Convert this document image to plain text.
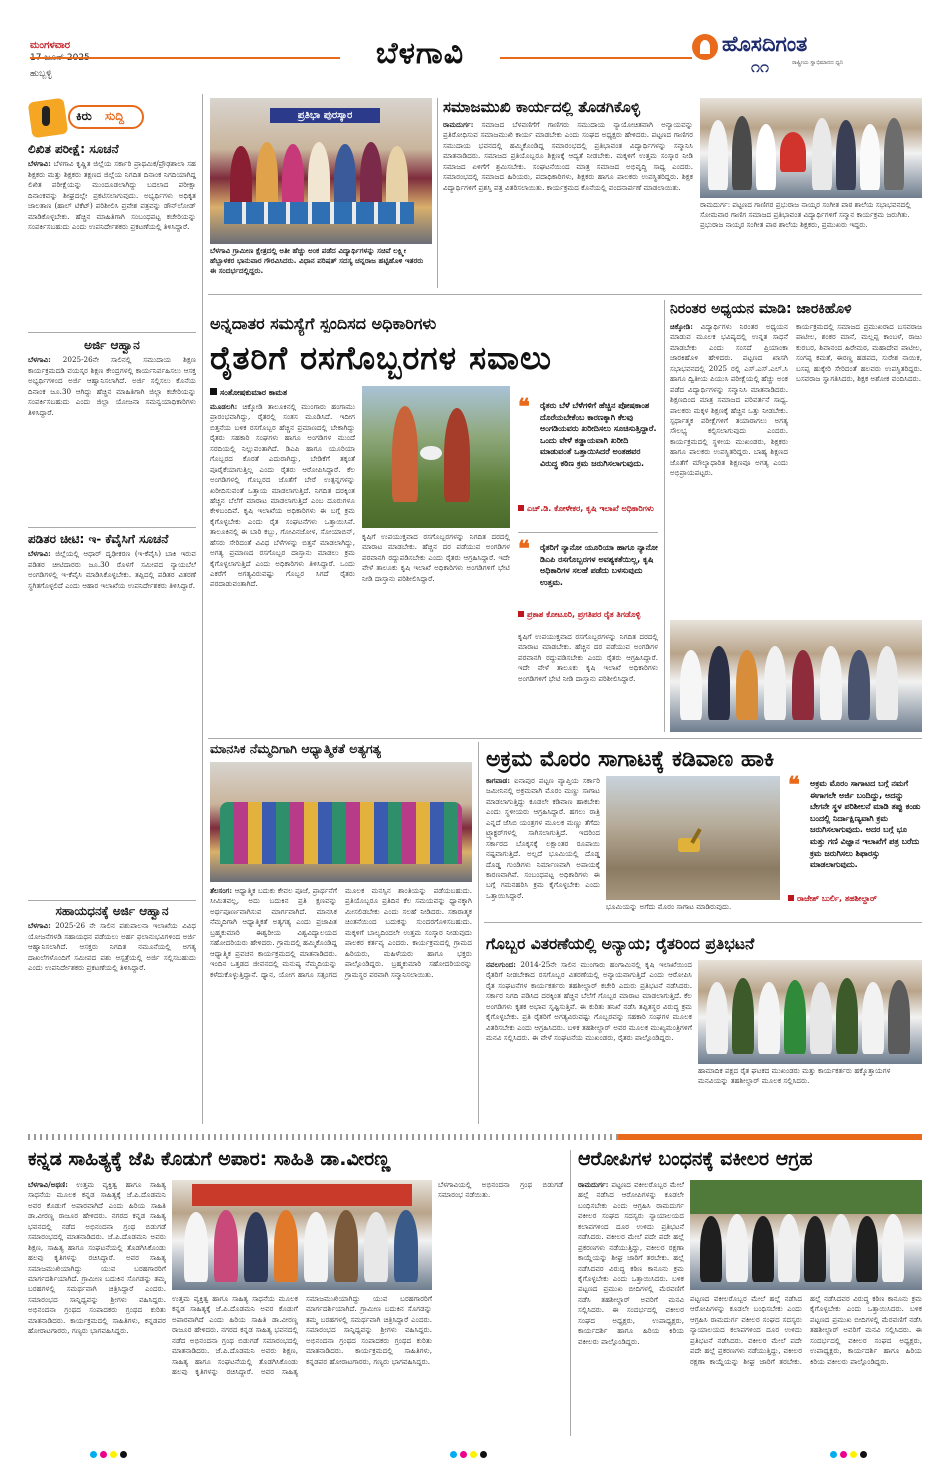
ಮಂಗಳವಾರ
ಹುಬ್ಬಳ್ಳಿ
ಬೆಳಗಾವಿ	ಹೊಸದಿಗಂತ
ರಾಷ್ಟ್ರೀಯ ಸ್ವಾಭಿಮಾನದ ಧ್ವನಿ
೧೧
ಕಿರು ಸುದ್ದಿ
ಲಿಖಿತ ಪರೀಕ್ಷೆ: ಸೂಚನೆ
ಬೆಳಗಾವಿ: ಬೆಳಗಾವಿ ಕೃಷ್ಣಿತ ಜಿಲ್ಲೆಯ ಸರ್ಕಾರಿ ಪ್ರಾಥಮಿಕ/ಪ್ರೌಢಶಾಲಾ ಸಹ ಶಿಕ್ಷಕರು ಮತ್ತು ಶಿಕ್ಷಕರು ತಕ್ಷಣದ ಜಿಲ್ಲೆಯ ನಿಗದಿತ ದಿನಾಂಕ ನಿಗದಿಯಾಗಿದ್ದ ಲಿಖಿತ ಪರೀಕ್ಷೆಯನ್ನು ಮುಂದೂಡಲಾಗಿದ್ದು ಬದಲಾದ ಪರೀಕ್ಷಾ ದಿನಾಂಕವನ್ನು ಶೀಘ್ರದಲ್ಲೇ ಪ್ರಕಟಿಸಲಾಗುವುದು. ಅಭ್ಯರ್ಥಿಗಳು ಅಧಿಕೃತ ಜಾಲತಾಣ (ಹಾಲ್ ಟಿಕೆಟ್) ಪರಿಶೀಲಿಸಿ ಪ್ರವೇಶ ಪತ್ರವನ್ನು ಡೌನ್‌ಲೋಡ್ ಮಾಡಿಕೊಳ್ಳಬೇಕು. ಹೆಚ್ಚಿನ ಮಾಹಿತಿಗಾಗಿ ಸಂಬಂಧಪಟ್ಟ ಕಚೇರಿಯನ್ನು ಸಂಪರ್ಕಿಸಬಹುದು ಎಂದು ಉಪನಿರ್ದೇಶಕರು ಪ್ರಕಟಣೆಯಲ್ಲಿ ತಿಳಿಸಿದ್ದಾರೆ.
ಅರ್ಜಿ ಆಹ್ವಾನ
ಬೆಳಗಾವಿ: 2025-26ನೇ ಸಾಲಿನಲ್ಲಿ ಸಮುದಾಯ ಶಿಕ್ಷಣ ಕಾರ್ಯಕ್ರಮದಡಿ ವಯಸ್ಕರ ಶಿಕ್ಷಣ ಕೇಂದ್ರಗಳಲ್ಲಿ ಕಾರ್ಯನಿರ್ವಹಿಸಲು ಆಸಕ್ತ ಅಭ್ಯರ್ಥಿಗಳಿಂದ ಅರ್ಜಿ ಆಹ್ವಾನಿಸಲಾಗಿದೆ. ಅರ್ಜಿ ಸಲ್ಲಿಸಲು ಕೊನೆಯ ದಿನಾಂಕ ಜೂ.30 ಆಗಿದ್ದು ಹೆಚ್ಚಿನ ಮಾಹಿತಿಗಾಗಿ ಜಿಲ್ಲಾ ಕಚೇರಿಯನ್ನು ಸಂಪರ್ಕಿಸಬಹುದು ಎಂದು ಜಿಲ್ಲಾ ಯೋಜನಾ ಸಮನ್ವಯಾಧಿಕಾರಿಗಳು ತಿಳಿಸಿದ್ದಾರೆ.
ಪಡಿತರ ಚೀಟಿ: ಇ- ಕೆವೈಸಿಗೆ ಸೂಚನೆ
ಬೆಳಗಾವಿ: ಜಿಲ್ಲೆಯಲ್ಲಿ ಆಧಾರ್ ದೃಢೀಕರಣ (ಇ-ಕೆವೈಸಿ) ಬಾಕಿ ಇರುವ ಪಡಿತರ ಚೀಟಿದಾರರು ಜೂ.30 ರೊಳಗೆ ಸಮೀಪದ ನ್ಯಾಯಬೆಲೆ ಅಂಗಡಿಗಳಲ್ಲಿ ಇ-ಕೆವೈಸಿ ಮಾಡಿಸಿಕೊಳ್ಳಬೇಕು. ತಪ್ಪಿದಲ್ಲಿ ಪಡಿತರ ವಿತರಣೆ ಸ್ಥಗಿತಗೊಳ್ಳಲಿದೆ ಎಂದು ಆಹಾರ ಇಲಾಖೆಯ ಉಪನಿರ್ದೇಶಕರು ತಿಳಿಸಿದ್ದಾರೆ.
ಸಹಾಯಧನಕ್ಕೆ ಅರ್ಜಿ ಆಹ್ವಾನ
ಬೆಳಗಾವಿ: 2025-26 ನೇ ಸಾಲಿನ ಪಶುಪಾಲನಾ ಇಲಾಖೆಯ ವಿವಿಧ ಯೋಜನೆಗಳಡಿ ಸಹಾಯಧನ ಪಡೆಯಲು ಅರ್ಹ ಫಲಾನುಭವಿಗಳಿಂದ ಅರ್ಜಿ ಆಹ್ವಾನಿಸಲಾಗಿದೆ. ಆಸಕ್ತರು ನಿಗದಿತ ನಮೂನೆಯಲ್ಲಿ ಅಗತ್ಯ ದಾಖಲೆಗಳೊಂದಿಗೆ ಸಮೀಪದ ಪಶು ಆಸ್ಪತ್ರೆಯಲ್ಲಿ ಅರ್ಜಿ ಸಲ್ಲಿಸಬಹುದು ಎಂದು ಉಪನಿರ್ದೇಶಕರು ಪ್ರಕಟಣೆಯಲ್ಲಿ ತಿಳಿಸಿದ್ದಾರೆ.
ಪ್ರತಿಭಾ ಪುರಸ್ಕಾರ
ಬೆಳಗಾವಿ ಗ್ರಾಮೀಣ ಕ್ಷೇತ್ರದಲ್ಲಿ ಅತೀ ಹೆಚ್ಚು ಅಂಕ ಪಡೆದ ವಿದ್ಯಾರ್ಥಿಗಳನ್ನು ಸಚಿವೆ ಲಕ್ಷ್ಮೀ ಹೆಬ್ಬಾಳಕರ ಭಾನುವಾರ ಗೌರವಿಸಿದರು. ವಿಧಾನ ಪರಿಷತ್ ಸದಸ್ಯ ಚನ್ನರಾಜ ಹಟ್ಟಿಹೊಳಿ ಇತರರು ಈ ಸಂದರ್ಭದಲ್ಲಿದ್ದರು.
ಸಮಾಜಮುಖಿ ಕಾರ್ಯದಲ್ಲಿ ತೊಡಗಿಕೊಳ್ಳಿ
ರಾಮದುರ್ಗ: ಸಮಾಜದ ಬೆಳವಣಿಗೆಗೆ ಗಾಣಿಗರು ಸಮುದಾಯ ನ್ಯಾಯೋಚಿತವಾಗಿ ಅನ್ಯಾಯವನ್ನು ಪ್ರತಿರೋಧಿಸುವ ಸಮಾಜಮುಖಿ ಕಾರ್ಯ ಮಾಡಬೇಕು ಎಂದು ಸಂಘದ ಅಧ್ಯಕ್ಷರು ಹೇಳಿದರು. ಪಟ್ಟಣದ ಗಾಣಿಗರ ಸಮುದಾಯ ಭವನದಲ್ಲಿ ಹಮ್ಮಿಕೊಂಡಿದ್ದ ಸಮಾರಂಭದಲ್ಲಿ ಪ್ರತಿಭಾವಂತ ವಿದ್ಯಾರ್ಥಿಗಳನ್ನು ಸನ್ಮಾನಿಸಿ ಮಾತನಾಡಿದರು. ಸಮಾಜದ ಪ್ರತಿಯೊಬ್ಬರೂ ಶಿಕ್ಷಣಕ್ಕೆ ಆದ್ಯತೆ ನೀಡಬೇಕು. ಮಕ್ಕಳಿಗೆ ಉತ್ತಮ ಸಂಸ್ಕಾರ ನೀಡಿ ಸಮಾಜದ ಏಳಿಗೆಗೆ ಶ್ರಮಿಸಬೇಕು. ಸಂಘಟನೆಯಿಂದ ಮಾತ್ರ ಸಮಾಜದ ಅಭಿವೃದ್ಧಿ ಸಾಧ್ಯ ಎಂದರು. ಸಮಾರಂಭದಲ್ಲಿ ಸಮಾಜದ ಹಿರಿಯರು, ಪದಾಧಿಕಾರಿಗಳು, ಶಿಕ್ಷಕರು ಹಾಗೂ ಪಾಲಕರು ಉಪಸ್ಥಿತರಿದ್ದರು. ಶಿಕ್ಷಕ ವಿದ್ಯಾರ್ಥಿಗಳಿಗೆ ಪ್ರಶಸ್ತಿ ಪತ್ರ ವಿತರಿಸಲಾಯಿತು. ಕಾರ್ಯಕ್ರಮದ ಕೊನೆಯಲ್ಲಿ ವಂದನಾರ್ಪಣೆ ಮಾಡಲಾಯಿತು.
ರಾಮದುರ್ಗ: ಪಟ್ಟಣದ ಗಾಣಿಗರ ಪ್ರಭುರಾಜ ನಾಯ್ಕರ ಸಂಗೀತ ಪಾಠ ಶಾಲೆಯ ಸಭಾಭವನದಲ್ಲಿ ಸೋಮವಾರ ಗಾಣಿಗ ಸಮಾಜದ ಪ್ರತಿಭಾವಂತ ವಿದ್ಯಾರ್ಥಿಗಳಿಗೆ ಸನ್ಮಾನ ಕಾರ್ಯಕ್ರಮ ಜರುಗಿತು. ಪ್ರಭುರಾಜ ನಾಯ್ಕರ ಸಂಗೀತ ಪಾಠ ಶಾಲೆಯ ಶಿಕ್ಷಕರು, ಪ್ರಮುಖರು ಇದ್ದರು.
ಅನ್ನದಾತರ ಸಮಸ್ಯೆಗೆ ಸ್ಪಂದಿಸದ ಅಧಿಕಾರಿಗಳು
ರೈತರಿಗೆ ರಸಗೊಬ್ಬರಗಳ ಸವಾಲು
ಸಂತೋಷಕುಮಾರ ಕಾಮತ
ಮೂಡಲಗಿ: ಚಿಕ್ಕೋಡಿ ತಾಲೂಕಿನಲ್ಲಿ ಮುಂಗಾರು ಹಂಗಾಮು ಪ್ರಾರಂಭವಾಗಿದ್ದು, ರೈತರಲ್ಲಿ ಸಂತಸ ಮೂಡಿಸಿದೆ. ಇದೀಗ ಬಿತ್ತನೆಯ ಬಳಿಕ ರಸಗೊಬ್ಬರ ಹೆಚ್ಚಿನ ಪ್ರಮಾಣದಲ್ಲಿ ಬೇಕಾಗಿದ್ದು ರೈತರು ಸಹಕಾರಿ ಸಂಘಗಳು ಹಾಗೂ ಅಂಗಡಿಗಳ ಮುಂದೆ ಸರದಿಯಲ್ಲಿ ನಿಲ್ಲುವಂತಾಗಿದೆ. ಡಿಎಪಿ ಹಾಗೂ ಯೂರಿಯಾ ಗೊಬ್ಬರದ ಕೊರತೆ ಎದುರಾಗಿದ್ದು, ಬೇಡಿಕೆಗೆ ತಕ್ಕಂತೆ ಪೂರೈಕೆಯಾಗುತ್ತಿಲ್ಲ ಎಂದು ರೈತರು ಆರೋಪಿಸಿದ್ದಾರೆ. ಕೆಲ ಅಂಗಡಿಗಳಲ್ಲಿ ಗೊಬ್ಬರದ ಜೊತೆಗೆ ಬೇರೆ ಉತ್ಪನ್ನಗಳನ್ನು ಖರೀದಿಸುವಂತೆ ಒತ್ತಾಯ ಮಾಡಲಾಗುತ್ತಿದೆ. ನಿಗದಿತ ದರಕ್ಕಿಂತ ಹೆಚ್ಚಿನ ಬೆಲೆಗೆ ಮಾರಾಟ ಮಾಡಲಾಗುತ್ತಿದೆ ಎಂಬ ದೂರುಗಳೂ ಕೇಳಿಬಂದಿವೆ. ಕೃಷಿ ಇಲಾಖೆಯ ಅಧಿಕಾರಿಗಳು ಈ ಬಗ್ಗೆ ಕ್ರಮ ಕೈಗೊಳ್ಳಬೇಕು ಎಂದು ರೈತ ಸಂಘಟನೆಗಳು ಒತ್ತಾಯಿಸಿವೆ. ತಾಲೂಕಿನಲ್ಲಿ ಈ ಬಾರಿ ಕಬ್ಬು, ಗೋವಿನಜೋಳ, ಸೋಯಾಬಿನ್, ಹೆಸರು ಸೇರಿದಂತೆ ವಿವಿಧ ಬೆಳೆಗಳನ್ನು ಬಿತ್ತನೆ ಮಾಡಲಾಗಿದ್ದು, ಅಗತ್ಯ ಪ್ರಮಾಣದ ರಸಗೊಬ್ಬರ ದಾಸ್ತಾನು ಮಾಡಲು ಕ್ರಮ ಕೈಗೊಳ್ಳಲಾಗುತ್ತಿದೆ ಎಂದು ಅಧಿಕಾರಿಗಳು ತಿಳಿಸಿದ್ದಾರೆ. ಒಂದು ಎಕರೆಗೆ ಅಗತ್ಯವಿರುವಷ್ಟು ಗೊಬ್ಬರ ಸಿಗದೆ ರೈತರು ಪರದಾಡುವಂತಾಗಿದೆ.
ಕೃಷಿಗೆ ಉಪಯುಕ್ತವಾದ ರಸಗೊಬ್ಬರಗಳನ್ನು ನಿಗದಿತ ದರದಲ್ಲಿ ಮಾರಾಟ ಮಾಡಬೇಕು. ಹೆಚ್ಚಿನ ದರ ಪಡೆಯುವ ಅಂಗಡಿಗಳ ಪರವಾನಗಿ ರದ್ದುಪಡಿಸಬೇಕು ಎಂದು ರೈತರು ಆಗ್ರಹಿಸಿದ್ದಾರೆ. ಇದೇ ವೇಳೆ ತಾಲೂಕು ಕೃಷಿ ಇಲಾಖೆ ಅಧಿಕಾರಿಗಳು ಅಂಗಡಿಗಳಿಗೆ ಭೇಟಿ ನೀಡಿ ದಾಸ್ತಾನು ಪರಿಶೀಲಿಸಿದ್ದಾರೆ.
❝	ರೈತರು ಬೆಳೆ ಬೆಳೆಗಳಿಗೆ ಹೆಚ್ಚಿನ ಪೋಷಕಾಂಶ ದೊರೆಯಬೇಕೆಂಬ ಕಾರಣಕ್ಕಾಗಿ ಕೆಲವು ಅಂಗಡಿಯವರು ಖರೀದಿಸಲು ಸೂಚಿಸುತ್ತಿದ್ದಾರೆ. ಒಂದು ವೇಳೆ ಕಡ್ಡಾಯವಾಗಿ ಖರೀದಿ ಮಾಡುವಂತೆ ಒತ್ತಾಯಿಸಿದರೆ ಅಂತಹವರ ವಿರುದ್ಧ ಕಠಿಣ ಕ್ರಮ ಜರುಗಿಸಲಾಗುವುದು.
ಎಚ್.ಡಿ. ಕೋಳೇಕರ, ಕೃಷಿ ಇಲಾಖೆ ಅಧಿಕಾರಿಗಳು
❝	ರೈತರಿಗೆ ನ್ಯಾನೋ ಯೂರಿಯಾ ಹಾಗೂ ನ್ಯಾನೋ ಡಿಎಪಿ ರಸಗೊಬ್ಬರಗಳ ಅವಶ್ಯಕತೆಯಿಲ್ಲ, ಕೃಷಿ ಅಧಿಕಾರಿಗಳ ಸಲಹೆ ಪಡೆದು ಬಳಸುವುದು ಉತ್ತಮ.
ಪ್ರಕಾಶ ಕೋಟೂರಿ, ಪ್ರಗತಿಪರ ರೈತ ತಿಗಡೊಳ್ಳಿ
ಕೃಷಿಗೆ ಉಪಯುಕ್ತವಾದ ರಸಗೊಬ್ಬರಗಳನ್ನು ನಿಗದಿತ ದರದಲ್ಲಿ ಮಾರಾಟ ಮಾಡಬೇಕು. ಹೆಚ್ಚಿನ ದರ ಪಡೆಯುವ ಅಂಗಡಿಗಳ ಪರವಾನಗಿ ರದ್ದುಪಡಿಸಬೇಕು ಎಂದು ರೈತರು ಆಗ್ರಹಿಸಿದ್ದಾರೆ. ಇದೇ ವೇಳೆ ತಾಲೂಕು ಕೃಷಿ ಇಲಾಖೆ ಅಧಿಕಾರಿಗಳು ಅಂಗಡಿಗಳಿಗೆ ಭೇಟಿ ನೀಡಿ ದಾಸ್ತಾನು ಪರಿಶೀಲಿಸಿದ್ದಾರೆ.
ನಿರಂತರ ಅಧ್ಯಯನ ಮಾಡಿ: ಜಾರಕಿಹೊಳಿ
ಚಿಕ್ಕೋಡಿ: ವಿದ್ಯಾರ್ಥಿಗಳು ನಿರಂತರ ಅಧ್ಯಯನ ಮಾಡುವ ಮೂಲಕ ಭವಿಷ್ಯದಲ್ಲಿ ಉನ್ನತ ಸಾಧನೆ ಮಾಡಬೇಕು ಎಂದು ಸಂಸದೆ ಪ್ರಿಯಾಂಕಾ ಜಾರಕಿಹೊಳಿ ಹೇಳಿದರು. ಪಟ್ಟಣದ ಖಾಸಗಿ ಸಭಾಭವನದಲ್ಲಿ 2025 ರಲ್ಲಿ ಎಸ್.ಎಸ್.ಎಲ್.ಸಿ ಹಾಗೂ ದ್ವಿತೀಯ ಪಿಯುಸಿ ಪರೀಕ್ಷೆಯಲ್ಲಿ ಹೆಚ್ಚು ಅಂಕ ಪಡೆದ ವಿದ್ಯಾರ್ಥಿಗಳನ್ನು ಸನ್ಮಾನಿಸಿ ಮಾತನಾಡಿದರು. ಶಿಕ್ಷಣದಿಂದ ಮಾತ್ರ ಸಮಾಜದ ಪರಿವರ್ತನೆ ಸಾಧ್ಯ. ಪಾಲಕರು ಮಕ್ಕಳ ಶಿಕ್ಷಣಕ್ಕೆ ಹೆಚ್ಚಿನ ಒತ್ತು ನೀಡಬೇಕು. ಸ್ಪರ್ಧಾತ್ಮಕ ಪರೀಕ್ಷೆಗಳಿಗೆ ತಯಾರಾಗಲು ಅಗತ್ಯ ಸೌಲಭ್ಯ ಕಲ್ಪಿಸಲಾಗುವುದು ಎಂದರು. ಕಾರ್ಯಕ್ರಮದಲ್ಲಿ ಸ್ಥಳೀಯ ಮುಖಂಡರು, ಶಿಕ್ಷಕರು ಹಾಗೂ ಪಾಲಕರು ಉಪಸ್ಥಿತರಿದ್ದರು. ಬಾಹ್ಯ ಶಿಕ್ಷಣದ ಜೊತೆಗೆ ಮೌಲ್ಯಾಧಾರಿತ ಶಿಕ್ಷಣವೂ ಅಗತ್ಯ ಎಂದು ಅಭಿಪ್ರಾಯಪಟ್ಟರು.
ಕಾರ್ಯಕ್ರಮದಲ್ಲಿ ಸಮಾಜದ ಪ್ರಮುಖರಾದ ಬಸವರಾಜ ಪಾಟೀಲ, ಶಂಕರ ಮಾನೆ, ಮಲ್ಲಪ್ಪ ಕಾಂಬಳೆ, ರಾಜು ಕುರಬರ, ಶಿವಾನಂದ ಹಿರೇಮಠ, ಮಹಾದೇವ ಪಾಟೀಲ, ಸಂಗಪ್ಪ ಕಮತೆ, ಈರಣ್ಣ ಹಡಪದ, ಸುರೇಶ ನಾಯಿಕ, ಬಸಪ್ಪ ಹುಕ್ಕೇರಿ ಸೇರಿದಂತೆ ಹಲವರು ಉಪಸ್ಥಿತರಿದ್ದರು. ಬಸವರಾಜ ಸ್ವಾಗತಿಸಿದರು, ಶಿಕ್ಷಕ ಅಶೋಕ ವಂದಿಸಿದರು.
ಮಾನಸಿಕ ನೆಮ್ಮದಿಗಾಗಿ ಆಧ್ಯಾತ್ಮಿಕತೆ ಅತ್ಯಗತ್ಯ
ತೆಲಸಂಗ: ಆಧ್ಯಾತ್ಮಿಕ ಬದುಕು ಕೇವಲ ಪೂಜೆ, ಪ್ರಾರ್ಥನೆಗೆ ಸೀಮಿತವಲ್ಲ, ಅದು ಬದುಕಿನ ಪ್ರತಿ ಕ್ಷಣವನ್ನು ಅರ್ಥಪೂರ್ಣವಾಗಿಸುವ ಮಾರ್ಗವಾಗಿದೆ. ಮಾನಸಿಕ ನೆಮ್ಮದಿಗಾಗಿ ಆಧ್ಯಾತ್ಮಿಕತೆ ಅತ್ಯಗತ್ಯ ಎಂದು ಪ್ರಜಾಪಿತ ಬ್ರಹ್ಮಕುಮಾರಿ ಈಶ್ವರೀಯ ವಿಶ್ವವಿದ್ಯಾಲಯದ ಸಹೋದರಿಯರು ಹೇಳಿದರು. ಗ್ರಾಮದಲ್ಲಿ ಹಮ್ಮಿಕೊಂಡಿದ್ದ ಆಧ್ಯಾತ್ಮಿಕ ಪ್ರವಚನ ಕಾರ್ಯಕ್ರಮದಲ್ಲಿ ಮಾತನಾಡಿದರು. ಇಂದಿನ ಒತ್ತಡದ ಜೀವನದಲ್ಲಿ ಮನುಷ್ಯ ನೆಮ್ಮದಿಯನ್ನು ಕಳೆದುಕೊಳ್ಳುತ್ತಿದ್ದಾನೆ. ಧ್ಯಾನ, ಯೋಗ ಹಾಗೂ ಸತ್ಸಂಗದ ಮೂಲಕ ಮನಸ್ಸಿನ ಶಾಂತಿಯನ್ನು ಪಡೆಯಬಹುದು. ಪ್ರತಿಯೊಬ್ಬರೂ ಪ್ರತಿದಿನ ಕೆಲ ಸಮಯವನ್ನು ಧ್ಯಾನಕ್ಕಾಗಿ ಮೀಸಲಿಡಬೇಕು ಎಂದು ಸಲಹೆ ನೀಡಿದರು. ಸಕಾರಾತ್ಮಕ ಚಿಂತನೆಯಿಂದ ಬದುಕನ್ನು ಸುಂದರಗೊಳಿಸಬಹುದು. ಮಕ್ಕಳಿಗೆ ಬಾಲ್ಯದಿಂದಲೇ ಉತ್ತಮ ಸಂಸ್ಕಾರ ನೀಡುವುದು ಪಾಲಕರ ಕರ್ತವ್ಯ ಎಂದರು. ಕಾರ್ಯಕ್ರಮದಲ್ಲಿ ಗ್ರಾಮದ ಹಿರಿಯರು, ಮಹಿಳೆಯರು ಹಾಗೂ ಭಕ್ತರು ಪಾಲ್ಗೊಂಡಿದ್ದರು. ಬ್ರಹ್ಮಕುಮಾರಿ ಸಹೋದರಿಯರನ್ನು ಗ್ರಾಮಸ್ಥರ ಪರವಾಗಿ ಸನ್ಮಾನಿಸಲಾಯಿತು.
ಅಕ್ರಮ ಮೊರಂ ಸಾಗಾಟಕ್ಕೆ ಕಡಿವಾಣ ಹಾಕಿ
ಕಾಗವಾಡ: ಐನಾಪುರ ಪಟ್ಟಣ ವ್ಯಾಪ್ತಿಯ ಸರ್ಕಾರಿ ಜಮೀನಿನಲ್ಲಿ ಅಕ್ರಮವಾಗಿ ಮೊರಂ ಮಣ್ಣು ಸಾಗಾಟ ಮಾಡಲಾಗುತ್ತಿದ್ದು ಕೂಡಲೇ ಕಡಿವಾಣ ಹಾಕಬೇಕು ಎಂದು ಸ್ಥಳೀಯರು ಆಗ್ರಹಿಸಿದ್ದಾರೆ. ಹಗಲು ರಾತ್ರಿ ಎನ್ನದೆ ಜೆಸಿಬಿ ಯಂತ್ರಗಳ ಮೂಲಕ ಮಣ್ಣು ತೆಗೆದು ಟ್ರ್ಯಾಕ್ಟರ್‌ಗಳಲ್ಲಿ ಸಾಗಿಸಲಾಗುತ್ತಿದೆ. ಇದರಿಂದ ಸರ್ಕಾರದ ಬೊಕ್ಕಸಕ್ಕೆ ಲಕ್ಷಾಂತರ ರೂಪಾಯಿ ನಷ್ಟವಾಗುತ್ತಿದೆ. ಅಲ್ಲದೆ ಭೂಮಿಯಲ್ಲಿ ದೊಡ್ಡ ದೊಡ್ಡ ಗುಂಡಿಗಳು ನಿರ್ಮಾಣವಾಗಿ ಅಪಾಯಕ್ಕೆ ಕಾರಣವಾಗಿವೆ. ಸಂಬಂಧಪಟ್ಟ ಅಧಿಕಾರಿಗಳು ಈ ಬಗ್ಗೆ ಗಮನಹರಿಸಿ ಕ್ರಮ ಕೈಗೊಳ್ಳಬೇಕು ಎಂದು ಒತ್ತಾಯಿಸಿದ್ದಾರೆ.
ಭೂಮಿಯನ್ನು ಅಗೆದು ಮೊರಂ ಸಾಗಾಟ ಮಾಡಿರುವುದು.
❝	ಅಕ್ರಮ ಮೊರಂ ಸಾಗಾಟದ ಬಗ್ಗೆ ನಮಗೆ ಈಗಾಗಲೇ ಅರ್ಜಿ ಬಂದಿದ್ದು, ಅದನ್ನು ಬೇಗನೇ ಸ್ಥಳ ಪರಿಶೀಲನೆ ಮಾಡಿ ತಪ್ಪು ಕಂಡು ಬಂದಲ್ಲಿ ನಿರ್ದಾಕ್ಷಿಣ್ಯವಾಗಿ ಕ್ರಮ ಜರುಗಿಸಲಾಗುವುದು. ಅದರ ಬಗ್ಗೆ ಭೂ ಮತ್ತು ಗಣಿ ವಿಜ್ಞಾನ ಇಲಾಖೆಗೆ ಪತ್ರ ಬರೆದು ಕ್ರಮ ಜರುಗಿಸಲು ಶಿಫಾರಸ್ಸು ಮಾಡಲಾಗುವುದು.
ರಾಜೇಶ್ ಬುರ್ಲಿ, ತಹಶೀಲ್ದಾರ್
ಗೊಬ್ಬರ ವಿತರಣೆಯಲ್ಲಿ ಅನ್ಯಾಯ; ರೈತರಿಂದ ಪ್ರತಿಭಟನೆ
ನವಲಗುಂದ: 2014-25ನೇ ಸಾಲಿನ ಮುಂಗಾರು ಹಂಗಾಮಿನಲ್ಲಿ ಕೃಷಿ ಇಲಾಖೆಯಿಂದ ರೈತರಿಗೆ ನೀಡಬೇಕಾದ ರಸಗೊಬ್ಬರ ವಿತರಣೆಯಲ್ಲಿ ಅನ್ಯಾಯವಾಗುತ್ತಿದೆ ಎಂದು ಆರೋಪಿಸಿ ರೈತ ಸಂಘಟನೆಗಳ ಕಾರ್ಯಕರ್ತರು ತಹಶೀಲ್ದಾರ್ ಕಚೇರಿ ಎದುರು ಪ್ರತಿಭಟನೆ ನಡೆಸಿದರು. ಸರ್ಕಾರ ನಿಗದಿ ಪಡಿಸಿದ ದರಕ್ಕಿಂತ ಹೆಚ್ಚಿನ ಬೆಲೆಗೆ ಗೊಬ್ಬರ ಮಾರಾಟ ಮಾಡಲಾಗುತ್ತಿದೆ. ಕೆಲ ಅಂಗಡಿಗಳು ಕೃತಕ ಅಭಾವ ಸೃಷ್ಟಿಸುತ್ತಿವೆ. ಈ ಕುರಿತು ತನಿಖೆ ನಡೆಸಿ ತಪ್ಪಿತಸ್ಥರ ವಿರುದ್ಧ ಕ್ರಮ ಕೈಗೊಳ್ಳಬೇಕು. ಪ್ರತಿ ರೈತರಿಗೆ ಅಗತ್ಯವಿರುವಷ್ಟು ಗೊಬ್ಬರವನ್ನು ಸಹಕಾರಿ ಸಂಘಗಳ ಮೂಲಕ ವಿತರಿಸಬೇಕು ಎಂದು ಆಗ್ರಹಿಸಿದರು. ಬಳಿಕ ತಹಶೀಲ್ದಾರ್ ಅವರ ಮೂಲಕ ಮುಖ್ಯಮಂತ್ರಿಗಳಿಗೆ ಮನವಿ ಸಲ್ಲಿಸಿದರು. ಈ ವೇಳೆ ಸಂಘಟನೆಯ ಮುಖಂಡರು, ರೈತರು ಪಾಲ್ಗೊಂಡಿದ್ದರು.
ಹಾಮಾದಿಕ ಪಕ್ಷದ ರೈತ ಘಟಕದ ಮುಖಂಡರು ಮತ್ತು ಕಾರ್ಯಕರ್ತರು ಹಕ್ಕೊತ್ತಾಯಗಳ ಮನವಿಯನ್ನು ತಹಶೀಲ್ದಾರ್ ಮೂಲಕ ಸಲ್ಲಿಸಿದರು.
ಕನ್ನಡ ಸಾಹಿತ್ಯಕ್ಕೆ ಜೆಪಿ ಕೊಡುಗೆ ಅಪಾರ: ಸಾಹಿತಿ ಡಾ.ವೀರಣ್ಣ
ಬೆಳಗಾವಿ/ಅಥಣಿ: ಉತ್ತಮ ವ್ಯಕ್ತಿತ್ವ ಹಾಗೂ ಸಾಹಿತ್ಯ ಸಾಧನೆಯ ಮೂಲಕ ಕನ್ನಡ ಸಾಹಿತ್ಯಕ್ಕೆ ಜೆ.ಪಿ.ದೊಡಮನಿ ಅವರ ಕೊಡುಗೆ ಅಪಾರವಾಗಿದೆ ಎಂದು ಹಿರಿಯ ಸಾಹಿತಿ ಡಾ.ವೀರಣ್ಣ ರಾಜೂರ ಹೇಳಿದರು. ನಗರದ ಕನ್ನಡ ಸಾಹಿತ್ಯ ಭವನದಲ್ಲಿ ನಡೆದ ಅಭಿನಂದನಾ ಗ್ರಂಥ ಬಿಡುಗಡೆ ಸಮಾರಂಭದಲ್ಲಿ ಮಾತನಾಡಿದರು. ಜೆ.ಪಿ.ದೊಡಮನಿ ಅವರು ಶಿಕ್ಷಣ, ಸಾಹಿತ್ಯ ಹಾಗೂ ಸಂಘಟನೆಯಲ್ಲಿ ತೊಡಗಿಸಿಕೊಂಡು ಹಲವು ಕೃತಿಗಳನ್ನು ರಚಿಸಿದ್ದಾರೆ. ಅವರ ಸಾಹಿತ್ಯ ಸಮಾಜಮುಖಿಯಾಗಿದ್ದು ಯುವ ಬರಹಗಾರರಿಗೆ ಮಾರ್ಗದರ್ಶಿಯಾಗಿದೆ. ಗ್ರಾಮೀಣ ಬದುಕಿನ ಸೊಗಡನ್ನು ತಮ್ಮ ಬರಹಗಳಲ್ಲಿ ಸಮರ್ಥವಾಗಿ ಚಿತ್ರಿಸಿದ್ದಾರೆ ಎಂದರು. ಸಮಾರಂಭದ ಸಾನ್ನಿಧ್ಯವನ್ನು ಶ್ರೀಗಳು ವಹಿಸಿದ್ದರು. ಅಭಿನಂದನಾ ಗ್ರಂಥದ ಸಂಪಾದಕರು ಗ್ರಂಥದ ಕುರಿತು ಮಾತನಾಡಿದರು. ಕಾರ್ಯಕ್ರಮದಲ್ಲಿ ಸಾಹಿತಿಗಳು, ಕನ್ನಡಪರ ಹೋರಾಟಗಾರರು, ಗಣ್ಯರು ಭಾಗವಹಿಸಿದ್ದರು.
ಉತ್ತಮ ವ್ಯಕ್ತಿತ್ವ ಹಾಗೂ ಸಾಹಿತ್ಯ ಸಾಧನೆಯ ಮೂಲಕ ಕನ್ನಡ ಸಾಹಿತ್ಯಕ್ಕೆ ಜೆ.ಪಿ.ದೊಡಮನಿ ಅವರ ಕೊಡುಗೆ ಅಪಾರವಾಗಿದೆ ಎಂದು ಹಿರಿಯ ಸಾಹಿತಿ ಡಾ.ವೀರಣ್ಣ ರಾಜೂರ ಹೇಳಿದರು. ನಗರದ ಕನ್ನಡ ಸಾಹಿತ್ಯ ಭವನದಲ್ಲಿ ನಡೆದ ಅಭಿನಂದನಾ ಗ್ರಂಥ ಬಿಡುಗಡೆ ಸಮಾರಂಭದಲ್ಲಿ ಮಾತನಾಡಿದರು. ಜೆ.ಪಿ.ದೊಡಮನಿ ಅವರು ಶಿಕ್ಷಣ, ಸಾಹಿತ್ಯ ಹಾಗೂ ಸಂಘಟನೆಯಲ್ಲಿ ತೊಡಗಿಸಿಕೊಂಡು ಹಲವು ಕೃತಿಗಳನ್ನು ರಚಿಸಿದ್ದಾರೆ. ಅವರ ಸಾಹಿತ್ಯ ಸಮಾಜಮುಖಿಯಾಗಿದ್ದು ಯುವ ಬರಹಗಾರರಿಗೆ ಮಾರ್ಗದರ್ಶಿಯಾಗಿದೆ. ಗ್ರಾಮೀಣ ಬದುಕಿನ ಸೊಗಡನ್ನು ತಮ್ಮ ಬರಹಗಳಲ್ಲಿ ಸಮರ್ಥವಾಗಿ ಚಿತ್ರಿಸಿದ್ದಾರೆ ಎಂದರು. ಸಮಾರಂಭದ ಸಾನ್ನಿಧ್ಯವನ್ನು ಶ್ರೀಗಳು ವಹಿಸಿದ್ದರು. ಅಭಿನಂದನಾ ಗ್ರಂಥದ ಸಂಪಾದಕರು ಗ್ರಂಥದ ಕುರಿತು ಮಾತನಾಡಿದರು. ಕಾರ್ಯಕ್ರಮದಲ್ಲಿ ಸಾಹಿತಿಗಳು, ಕನ್ನಡಪರ ಹೋರಾಟಗಾರರು, ಗಣ್ಯರು ಭಾಗವಹಿಸಿದ್ದರು.
ಬೆಳಗಾವಿಯಲ್ಲಿ ಅಭಿನಂದನಾ ಗ್ರಂಥ ಬಿಡುಗಡೆ ಸಮಾರಂಭ ನಡೆಯಿತು.
ಆರೋಪಿಗಳ ಬಂಧನಕ್ಕೆ ವಕೀಲರ ಆಗ್ರಹ
ರಾಮದುರ್ಗ: ಪಟ್ಟಣದ ವಕೀಲರೊಬ್ಬರ ಮೇಲೆ ಹಲ್ಲೆ ನಡೆಸಿದ ಆರೋಪಿಗಳನ್ನು ಕೂಡಲೇ ಬಂಧಿಸಬೇಕು ಎಂದು ಆಗ್ರಹಿಸಿ ರಾಮದುರ್ಗ ವಕೀಲರ ಸಂಘದ ಸದಸ್ಯರು ನ್ಯಾಯಾಲಯದ ಕಲಾಪಗಳಿಂದ ದೂರ ಉಳಿದು ಪ್ರತಿಭಟನೆ ನಡೆಸಿದರು. ವಕೀಲರ ಮೇಲೆ ಪದೇ ಪದೇ ಹಲ್ಲೆ ಪ್ರಕರಣಗಳು ನಡೆಯುತ್ತಿದ್ದು, ವಕೀಲರ ರಕ್ಷಣಾ ಕಾಯ್ದೆಯನ್ನು ಶೀಘ್ರ ಜಾರಿಗೆ ತರಬೇಕು. ಹಲ್ಲೆ ನಡೆಸಿದವರ ವಿರುದ್ಧ ಕಠಿಣ ಕಾನೂನು ಕ್ರಮ ಕೈಗೊಳ್ಳಬೇಕು ಎಂದು ಒತ್ತಾಯಿಸಿದರು. ಬಳಿಕ ಪಟ್ಟಣದ ಪ್ರಮುಖ ಬೀದಿಗಳಲ್ಲಿ ಮೆರವಣಿಗೆ ನಡೆಸಿ ತಹಶೀಲ್ದಾರ್ ಅವರಿಗೆ ಮನವಿ ಸಲ್ಲಿಸಿದರು. ಈ ಸಂದರ್ಭದಲ್ಲಿ ವಕೀಲರ ಸಂಘದ ಅಧ್ಯಕ್ಷರು, ಉಪಾಧ್ಯಕ್ಷರು, ಕಾರ್ಯದರ್ಶಿ ಹಾಗೂ ಹಿರಿಯ ಕಿರಿಯ ವಕೀಲರು ಪಾಲ್ಗೊಂಡಿದ್ದರು.
ಪಟ್ಟಣದ ವಕೀಲರೊಬ್ಬರ ಮೇಲೆ ಹಲ್ಲೆ ನಡೆಸಿದ ಆರೋಪಿಗಳನ್ನು ಕೂಡಲೇ ಬಂಧಿಸಬೇಕು ಎಂದು ಆಗ್ರಹಿಸಿ ರಾಮದುರ್ಗ ವಕೀಲರ ಸಂಘದ ಸದಸ್ಯರು ನ್ಯಾಯಾಲಯದ ಕಲಾಪಗಳಿಂದ ದೂರ ಉಳಿದು ಪ್ರತಿಭಟನೆ ನಡೆಸಿದರು. ವಕೀಲರ ಮೇಲೆ ಪದೇ ಪದೇ ಹಲ್ಲೆ ಪ್ರಕರಣಗಳು ನಡೆಯುತ್ತಿದ್ದು, ವಕೀಲರ ರಕ್ಷಣಾ ಕಾಯ್ದೆಯನ್ನು ಶೀಘ್ರ ಜಾರಿಗೆ ತರಬೇಕು. ಹಲ್ಲೆ ನಡೆಸಿದವರ ವಿರುದ್ಧ ಕಠಿಣ ಕಾನೂನು ಕ್ರಮ ಕೈಗೊಳ್ಳಬೇಕು ಎಂದು ಒತ್ತಾಯಿಸಿದರು. ಬಳಿಕ ಪಟ್ಟಣದ ಪ್ರಮುಖ ಬೀದಿಗಳಲ್ಲಿ ಮೆರವಣಿಗೆ ನಡೆಸಿ ತಹಶೀಲ್ದಾರ್ ಅವರಿಗೆ ಮನವಿ ಸಲ್ಲಿಸಿದರು. ಈ ಸಂದರ್ಭದಲ್ಲಿ ವಕೀಲರ ಸಂಘದ ಅಧ್ಯಕ್ಷರು, ಉಪಾಧ್ಯಕ್ಷರು, ಕಾರ್ಯದರ್ಶಿ ಹಾಗೂ ಹಿರಿಯ ಕಿರಿಯ ವಕೀಲರು ಪಾಲ್ಗೊಂಡಿದ್ದರು.
